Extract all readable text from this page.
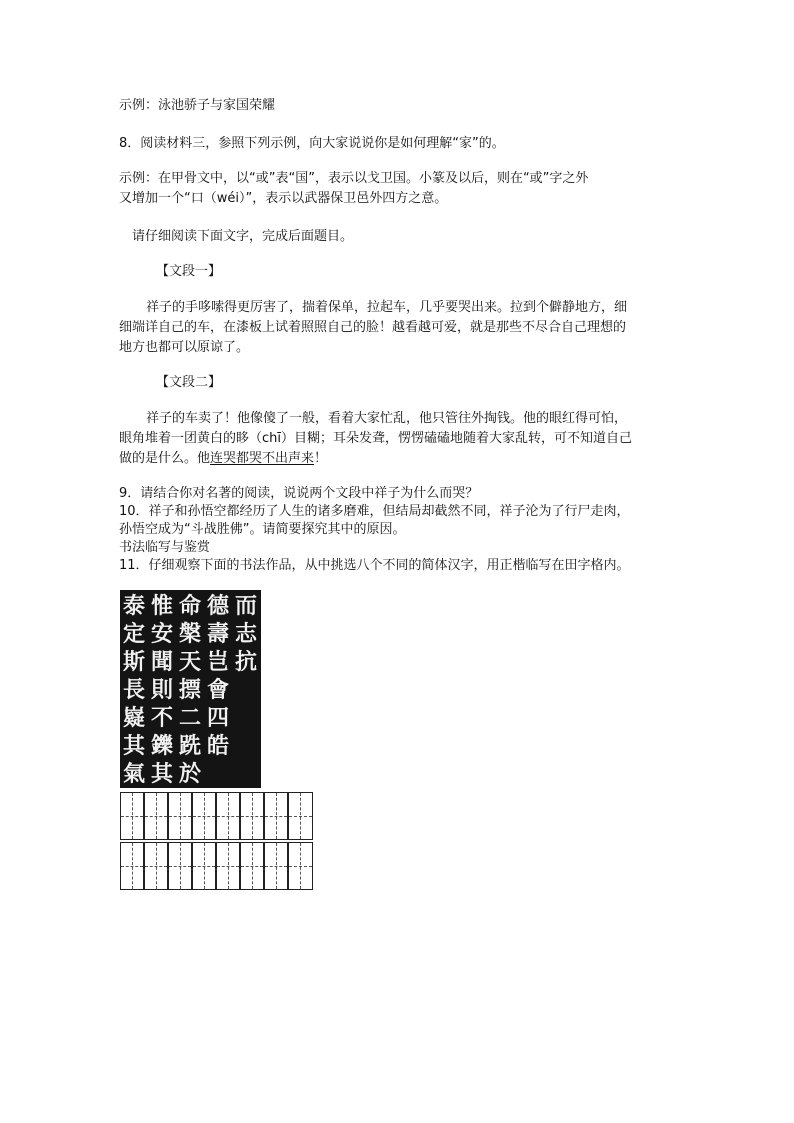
示例：泳池骄子与家国荣耀
8．阅读材料三，参照下列示例，向大家说说你是如何理解“家”的。
示例：在甲骨文中，以“或”表“国”，表示以戈卫国。小篆及以后，则在“或”字之外
又增加一个“口（wéi）”，表示以武器保卫邑外四方之意。
请仔细阅读下面文字，完成后面题目。
【文段一】
祥子的手哆嗦得更厉害了，揣着保单，拉起车，几乎要哭出来。拉到个僻静地方，细
细端详自己的车，在漆板上试着照照自己的脸！越看越可爱，就是那些不尽合自己理想的
地方也都可以原谅了。
【文段二】
祥子的车卖了！他像傻了一般，看着大家忙乱，他只管往外掏钱。他的眼红得可怕，
眼角堆着一团黄白的眵（chī）目糊；耳朵发聋，愣愣磕磕地随着大家乱转，可不知道自己
做的是什么。他连哭都哭不出声来！
9．请结合你对名著的阅读，说说两个文段中祥子为什么而哭？
10．祥子和孙悟空都经历了人生的诸多磨难，但结局却截然不同，祥子沦为了行尸走肉，
孙悟空成为“斗战胜佛”。请简要探究其中的原因。
书法临写与鉴赏
11．仔细观察下面的书法作品，从中挑选八个不同的简体汉字，用正楷临写在田字格内。
泰
定
斯
長
嶷
其
氣
惟
安
聞
則
不
鑠
其
命
槃
天
摽
二
跣
於
德
壽
岂
會
四
皓
而
志
抗
